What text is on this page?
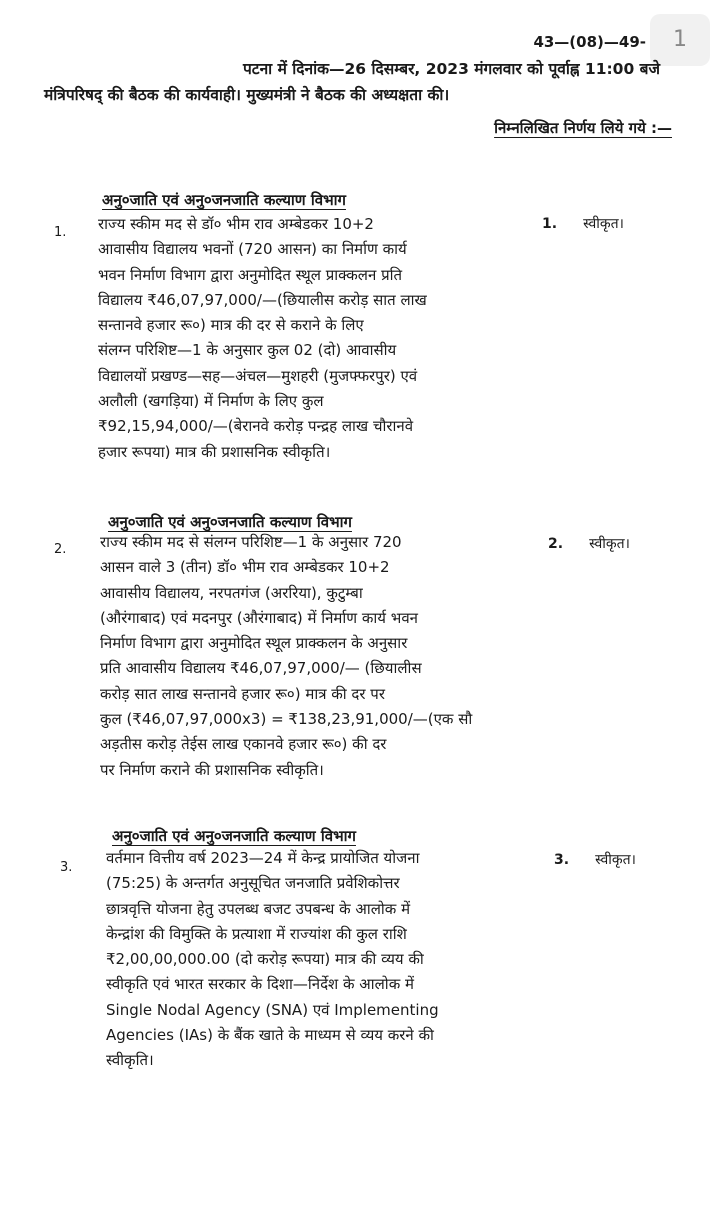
1
43—(08)—49-
पटना में दिनांक—26 दिसम्बर, 2023 मंगलवार को पूर्वाह्न 11:00 बजे
मंत्रिपरिषद् की बैठक की कार्यवाही। मुख्यमंत्री ने बैठक की अध्यक्षता की।
निम्नलिखित निर्णय लिये गये :—
अनु०जाति एवं अनु०जनजाति कल्याण विभाग
1. राज्य स्कीम मद से डॉ० भीम राव अम्बेडकर 10+2
आवासीय विद्यालय भवनों (720 आसन) का निर्माण कार्य
भवन निर्माण विभाग द्वारा अनुमोदित स्थूल प्राक्कलन प्रति
विद्यालय ₹46,07,97,000/—(छियालीस करोड़ सात लाख
सन्तानवे हजार रू०) मात्र की दर से कराने के लिए
संलग्न परिशिष्ट—1 के अनुसार कुल 02 (दो) आवासीय
विद्यालयों प्रखण्ड—सह—अंचल—मुशहरी (मुजफ्फरपुर) एवं
अलौली (खगड़िया) में निर्माण के लिए कुल
₹92,15,94,000/—(बेरानवे करोड़ पन्द्रह लाख चौरानवे
हजार रूपया) मात्र की प्रशासनिक स्वीकृति।
1. स्वीकृत।
अनु०जाति एवं अनु०जनजाति कल्याण विभाग
2. राज्य स्कीम मद से संलग्न परिशिष्ट—1 के अनुसार 720
आसन वाले 3 (तीन) डॉ० भीम राव अम्बेडकर 10+2
आवासीय विद्यालय, नरपतगंज (अररिया), कुटुम्बा
(औरंगाबाद) एवं मदनपुर (औरंगाबाद) में निर्माण कार्य भवन
निर्माण विभाग द्वारा अनुमोदित स्थूल प्राक्कलन के अनुसार
प्रति आवासीय विद्यालय ₹46,07,97,000/— (छियालीस
करोड़ सात लाख सन्तानवे हजार रू०) मात्र की दर पर
कुल (₹46,07,97,000x3) = ₹138,23,91,000/—(एक सौ
अड़तीस करोड़ तेईस लाख एकानवे हजार रू०) की दर
पर निर्माण कराने की प्रशासनिक स्वीकृति।
2. स्वीकृत।
अनु०जाति एवं अनु०जनजाति कल्याण विभाग
3.
वर्तमान वित्तीय वर्ष 2023—24 में केन्द्र प्रायोजित योजना
(75:25) के अन्तर्गत अनुसूचित जनजाति प्रवेशिकोत्तर
छात्रवृत्ति योजना हेतु उपलब्ध बजट उपबन्ध के आलोक में
केन्द्रांश की विमुक्ति के प्रत्याशा में राज्यांश की कुल राशि
₹2,00,00,000.00 (दो करोड़ रूपया) मात्र की व्यय की
स्वीकृति एवं भारत सरकार के दिशा—निर्देश के आलोक में
Single Nodal Agency (SNA) एवं Implementing
Agencies (IAs) के बैंक खाते के माध्यम से व्यय करने की
स्वीकृति।
3. स्वीकृत।
